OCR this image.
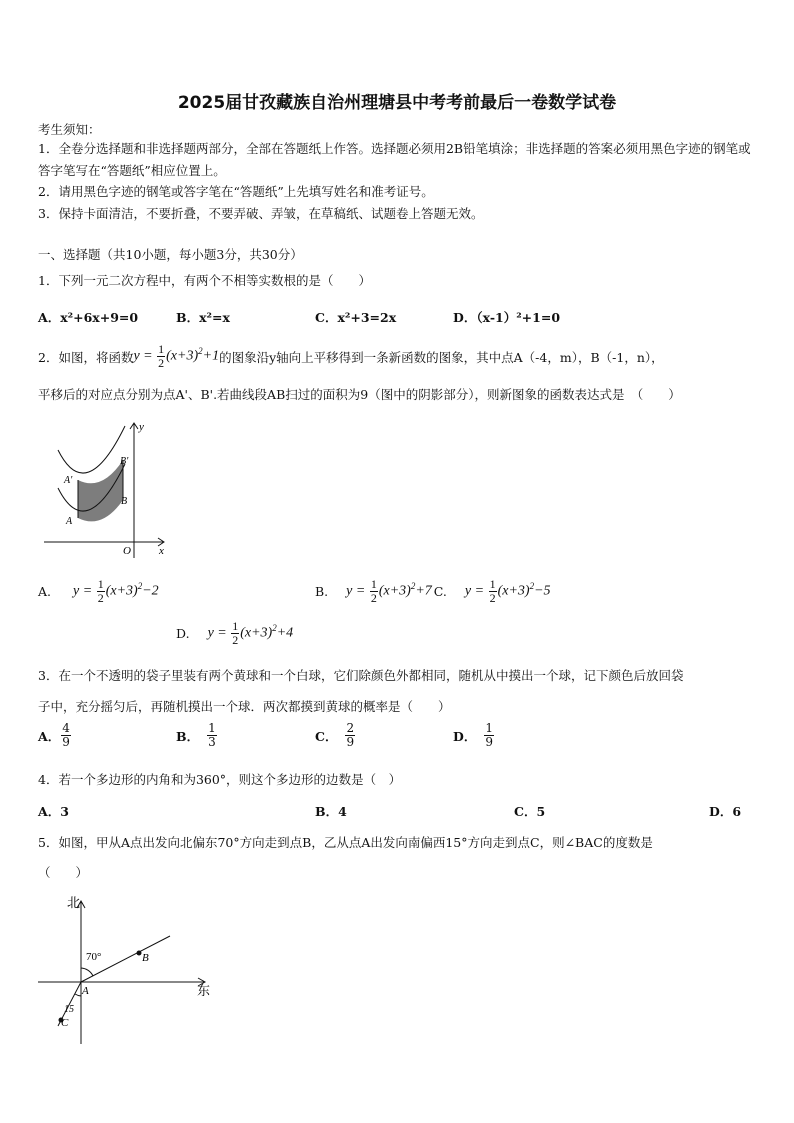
2025届甘孜藏族自治州理塘县中考考前最后一卷数学试卷
考生须知：
1．全卷分选择题和非选择题两部分，全部在答题纸上作答。选择题必须用2B铅笔填涂；非选择题的答案必须用黑色字迹的钢笔或答字笔写在“答题纸”相应位置上。
2．请用黑色字迹的钢笔或答字笔在“答题纸”上先填写姓名和准考证号。
3．保持卡面清洁，不要折叠，不要弄破、弄皱，在草稿纸、试题卷上答题无效。
一、选择题（共10小题，每小题3分，共30分）
1．下列一元二次方程中，有两个不相等实数根的是（　　）
A．x²+6x+9=0	B．x²=x	C．x²+3=2x	D．（x-1）²+1=0
2．如图，将函数 $y = \frac{1}{2} (x+3)^2+1$ 的图象沿y轴向上平移得到一条新函数的图象，其中点A（-4，m），B（-1，n），
平移后的对应点分别为点A'、B'.若曲线段AB扫过的面积为9（图中的阴影部分），则新图象的函数表达式是　（　　）
y
x
O
A'
A
B'
B
A. $y = \frac{1}{2} (x+3)^2-2$	B. $y = \frac{1}{2} (x+3)^2+7$ C. $y = \frac{1}{2} (x+3)^2-5$
D. $y = \frac{1}{2} (x+3)^2+4$
3．在一个不透明的袋子里装有两个黄球和一个白球，它们除颜色外都相同，随机从中摸出一个球，记下颜色后放回袋
子中，充分摇匀后，再随机摸出一个球．两次都摸到黄球的概率是（　　）
A． $\frac{4}{9}$	B． $\frac{1}{3}$	C． $\frac{2}{9}$	D． $\frac{1}{9}$
4．若一个多边形的内角和为360°，则这个多边形的边数是（　）
A．3	B．4	C．5	D．6
5．如图，甲从A点出发向北偏东70°方向走到点B，乙从点A出发向南偏西15°方向走到点C，则∠BAC的度数是
（　　）
北
东
70°
15
A
B
C
